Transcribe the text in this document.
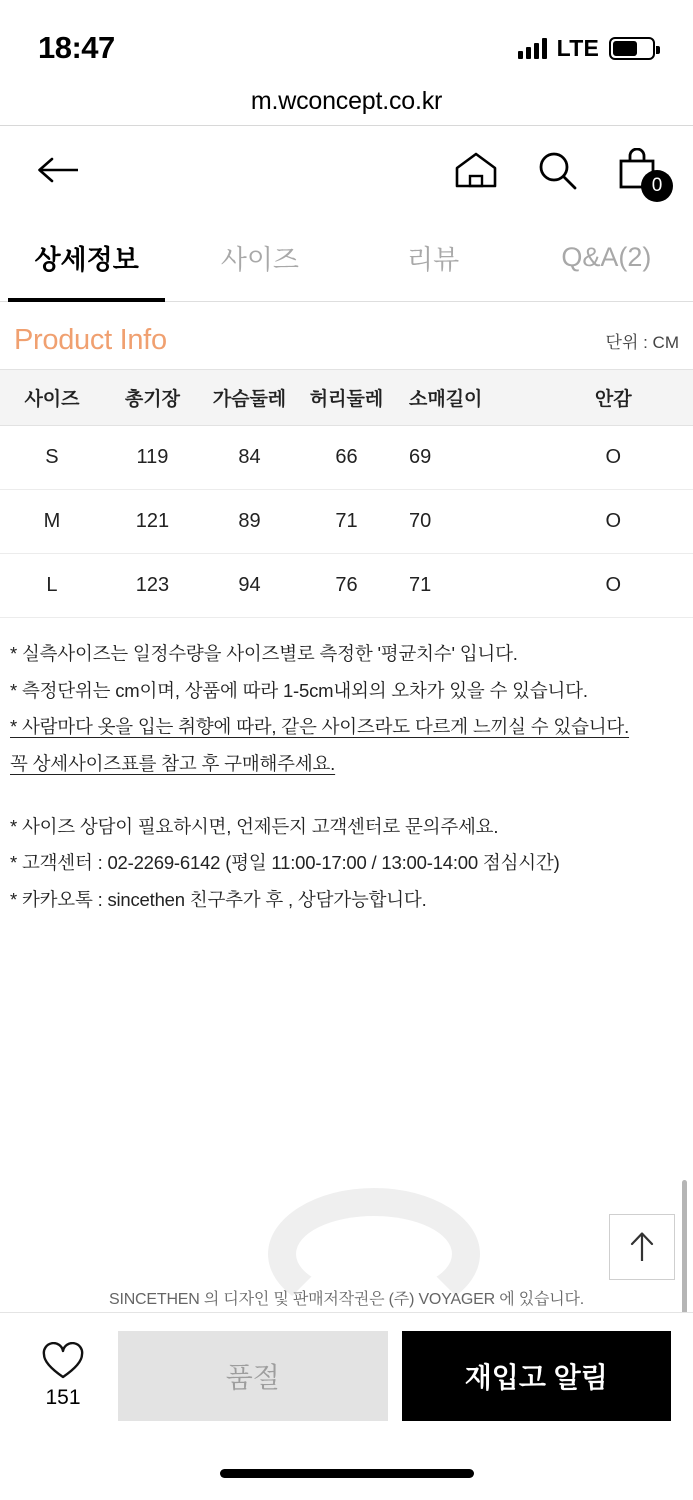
18:47	LTE
m.wconcept.co.kr
0
상세정보	사이즈	리뷰	Q&A(2)
Product Info	단위 : CM
사이즈	총기장	가슴둘레	허리둘레	소매길이	안감
S	119	84	66	69	O
M	121	89	71	70	O
L	123	94	76	71	O
* 실측사이즈는 일정수량을 사이즈별로 측정한 '평균치수' 입니다.
* 측정단위는 cm이며, 상품에 따라 1-5cm내외의 오차가 있을 수 있습니다.
* 사람마다 옷을 입는 취향에 따라, 같은 사이즈라도 다르게 느끼실 수 있습니다.
꼭 상세사이즈표를 참고 후 구매해주세요.
* 사이즈 상담이 필요하시면, 언제든지 고객센터로 문의주세요.
* 고객센터 : 02-2269-6142 (평일 11:00-17:00 / 13:00-14:00 점심시간)
* 카카오톡 : sincethen 친구추가 후 , 상담가능합니다.
SINCETHEN 의 디자인 및 판매저작권은 (주) VOYAGER 에 있습니다.
151
품절	재입고 알림
